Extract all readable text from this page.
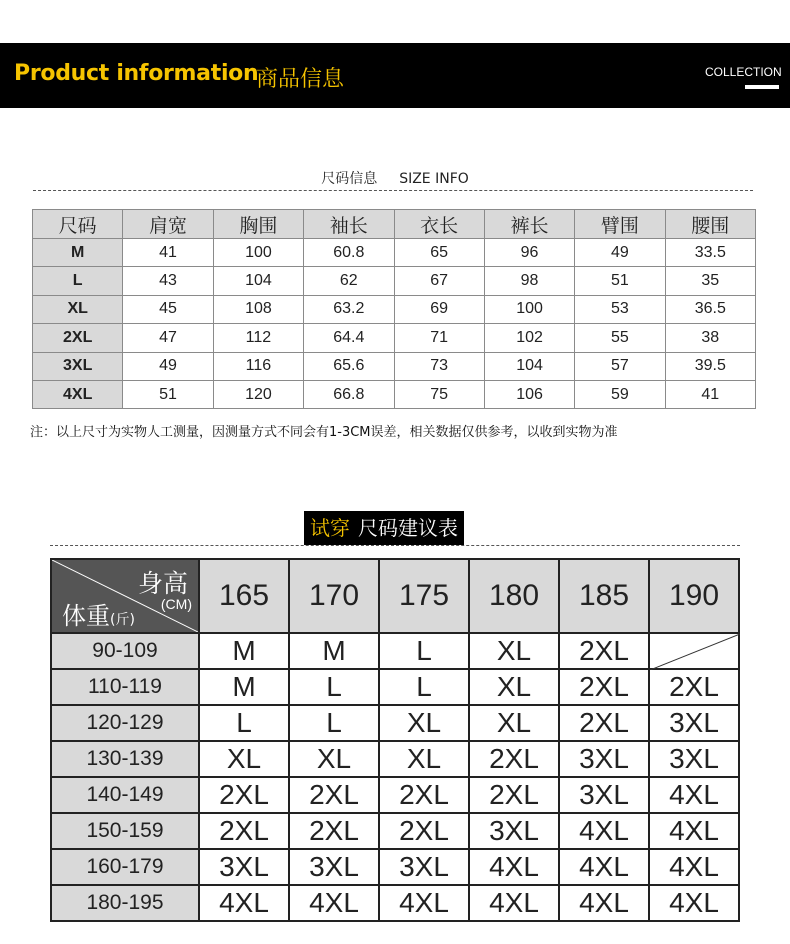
Product information
商品信息	COLLECTION
尺码信息 SIZE INFO
尺码	肩宽	胸围	袖长	衣长	裤长	臂围	腰围
M	41	100	60.8	65	96	49	33.5
L	43	104	62	67	98	51	35
XL	45	108	63.2	69	100	53	36.5
2XL	47	112	64.4	71	102	55	38
3XL	49	116	65.6	73	104	57	39.5
4XL	51	120	66.8	75	106	59	41
注：以上尺寸为实物人工测量，因测量方式不同会有1-3CM误差，相关数据仅供参考，以收到实物为准
试穿 尺码建议表
身高
(CM)
体重(斤)	165	170	175	180	185	190
90-109	M	M	L	XL	2XL	

110-119	M	L	L	XL	2XL	2XL
120-129	L	L	XL	XL	2XL	3XL
130-139	XL	XL	XL	2XL	3XL	3XL
140-149	2XL	2XL	2XL	2XL	3XL	4XL
150-159	2XL	2XL	2XL	3XL	4XL	4XL
160-179	3XL	3XL	3XL	4XL	4XL	4XL
180-195	4XL	4XL	4XL	4XL	4XL	4XL
